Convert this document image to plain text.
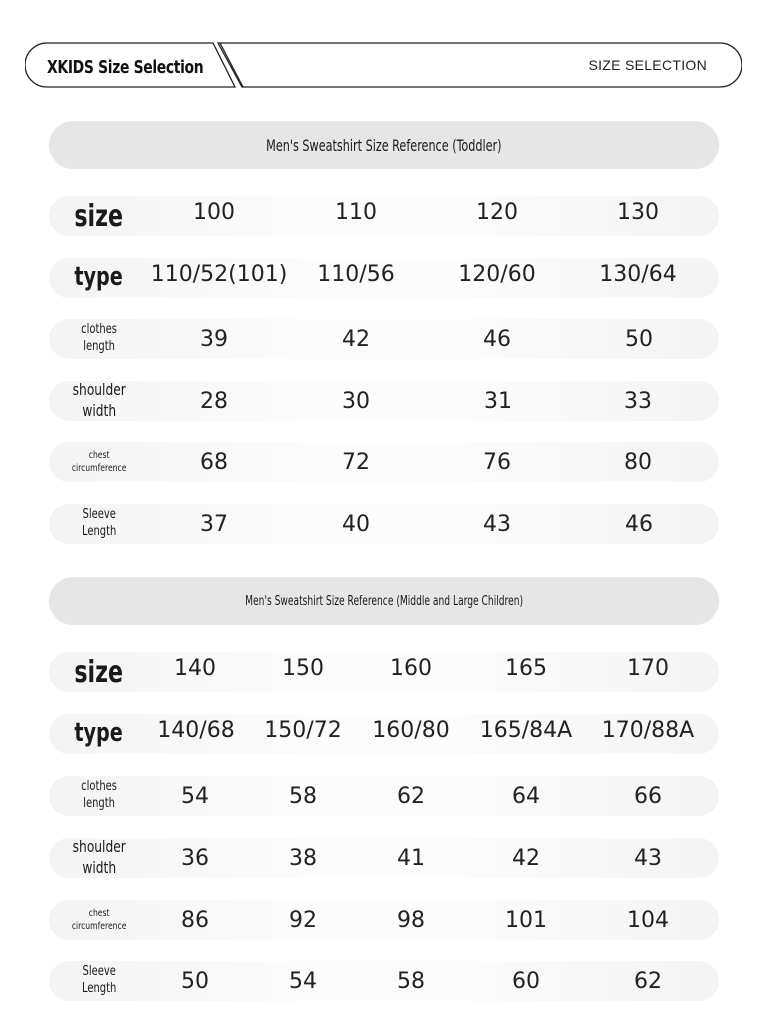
XKIDS Size Selection	SIZE SELECTION
Men's Sweatshirt Size Reference (Toddler)
size	100	110	120	130
type 110/52(101)	110/56	120/60	130/64
clothes
length	39	42	46	50
shoulder
width	28	30	31	33
chest
circumference	68	72	76	80
Sleeve
Length	37	40	43	46
Men's Sweatshirt Size Reference (Middle and Large Children)
size	140	150	160	165	170
type	140/68	150/72	160/80	165/84A	170/88A
clothes
length	54	58	62	64	66
shoulder
width	36	38	41	42	43
chest
circumference	86	92	98	101	104
Sleeve
Length	50	54	58	60	62
